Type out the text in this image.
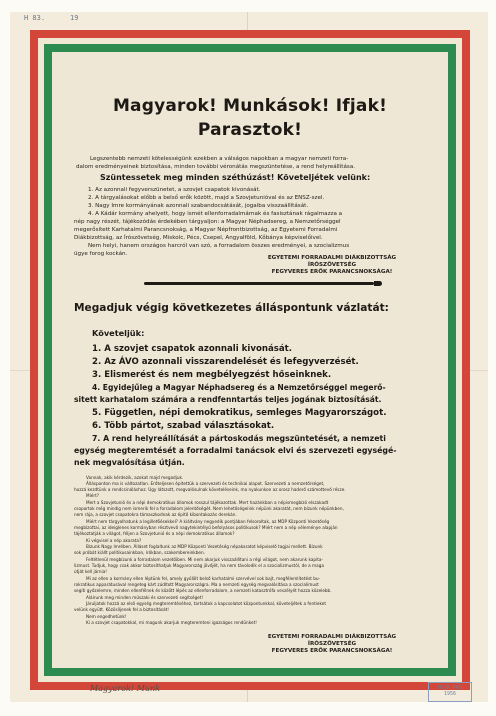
H 83.	19
Magyarok! Munkások! Ifjak!
Parasztok!
Legszentebb nemzeti kötelességünk ezekben a válságos napokban a magyar nemzeti forra-
dalom eredményeinek biztosítása, minden további véronátás megszüntetése, a rend helyreállítása.
Szüntessetek meg minden széthúzást! Követeljétek velünk:
1. Az azonnali fegyverszünetet, a szovjet csapatok kivonását.
2. A tárgyalásokat előbb a belső erők között, majd a Szovjetunióval és az ENSZ-szel.
3. Nagy Imre kormányának azonnali szabandocsátását, jogaiba visszaállítását.
4. A Kádár kormány ahelyett, hogy ismét ellenforradalmárnak és fasisztának rágalmazza a
nép nagy részét, tájékozódás érdekében tárgyaljon: a Magyar Néphadsereg, a Nemzetőrséggel
megerősített Karhatalmi Parancsnokság, a Magyar Népfrontbizottság, az Egyetemi Forradalmi
Diákbizottság, az Írószövetség, Miskolc, Pécs, Csepel, Angyalföld, Kőbánya képviselőivel.
Nem helyi, hanem országos harcról van szó, a forradalom összes eredményei, a szocializmus
ügye forog kockán.
EGYETEMI FORRADALMI DIÁKBIZOTTSÁG
ÍRÓSZÖVETSÉG
FEGYVERES ERŐK PARANCSNOKSÁGA!
Megadjuk végig következetes álláspontunk vázlatát:
Követeljük:
1. A szovjet csapatok azonnali kivonását.
2. Az ÁVO azonnali visszarendelését és lefegyverzését.
3. Elismerést és nem megbélyegzést hőseinknek.
4. Egyidejűleg a Magyar Néphadsereg és a Nemzetőrséggel megerő-
sitett karhatalom számára a rendfenntartás teljes jogának biztosítását.
5. Független, népi demokratikus, semleges Magyarországot.
6. Több pártot, szabad választásokat.
7. A rend helyreállítását a pártoskodás megszüntetését, a nemzeti
egység megteremtését a forradalmi tanácsok elvi és szervezeti egységé-
nek megvalósítása útján.
Vannak, akik kérdezik, azokat majd megadjuk.
Állásponton ma is változatlan. Erőteljesen építettük a szervezeti és technikai alapot. Szervezeti a nemzetőrséget,
hozzá kezdtünk a rendcsináláshoz. Úgy látszott, megvalósulnak követeléseink, ma nyakunkon az orosz haderő számottevő része.
Miért?
Mert a Szovjetunió és a népi demokratikus államok rosszul tájékozottak. Mert hazánkban a népismegbízó elszakadt
csoportok még mindig nem ismerik fel a forradalom jelentőségét. Nem lehetőségeiink népünk akaratát, nem bízunk népünkben,
nem rája, a szovjet csapatokra támaszkodnak az építő kibontakozás derekán.
Miért nem tárgyalhatunk a legillet6ésekkel? A kiáltvány negyedik pontjában felsoroltak, az MDP Központi Vezetőség
megbízottai, az ideiglenes kormányban résztvevő nagytekintélyű befolyásos politikusok? Miért nem a nép véleménye alapján
tájékoztatják a világot, féljen a Szovjetunió és a népi demokratikus államok?
Ki végvisel a nép akarata?
Bízunk Nagy Imrében. Álláset foglaltunk az MDP Központi Vezetőség népakaratot képviselő tagjai mellett. Bízunk
sok próbát kiállt politikusainkban, írókban, szakembereinkben.
Feltétlenül megbízunk a forradalom vezetőiben. Mi nem akarjuk visszaállítani a régi világot, nem akarunk kapita-
lizmust. Tudjuk, hogy csak akkor biztosíthatjuk Magyarország jövőjét, ha nem távolodik el a szocializmustól, de a maga
útját kell járnia!
Mi az ellen a kormány ellen léptünk fel, amely gyűlölt belső karhatalmi szervével sok bajt, megfélemlítetést bu-
rokratikus apparátusával rengeteg kárt zúdított Magyarországra. Ma a nemzeti egység megvalósítása a szocialimust
segíti győzelemre, minden ellenfélnek és között lépés az ellenforradalom, a nemzeti katasztrófa veszélyét hozza közelebb.
Aláírunk meg minden műszaki és szervezeti segítséget!
Járuljatok hozzá az első egység megteremtéséhez, tartsátok a kapcsolatot központunkkal, követeljétek a fentieket
velünk együtt. Közösíljenek fel a biztosítását!
Nem engedhetünk!
Ki a szovjet csapatokkal, mi magunk akarjuk megteremteni igazságos rendünket!
EGYETEMI FORRADALMI DIÁKBIZOTTSÁG
ÍRÓSZÖVETSÉG
FEGYVERES ERŐK PARANCSNOKSÁGA!
Magyarok! Munk	OSZK PKG 1956
